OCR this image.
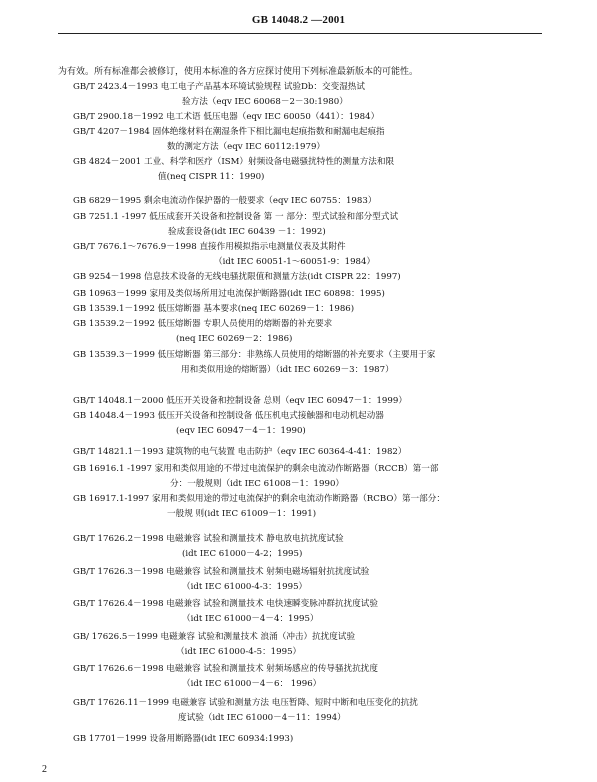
GB 14048.2 —2001
为有效。所有标准都会被修订，使用本标准的各方应探讨使用下列标准最新版本的可能性。
GB/T 2423.4－1993 电工电子产品基本环境试验规程 试验Db：交变湿热试
验方法（eqv IEC 60068－2－30:1980）
GB/T 2900.18－1992 电工术语 低压电器（eqv IEC 60050（441）：1984）
GB/T 4207－1984 固体绝缘材料在潮湿条件下相比漏电起痕指数和耐漏电起痕指
数的测定方法（eqv IEC 60112:1979）
GB 4824－2001 工业、科学和医疗（ISM）射频设备电磁骚扰特性的测量方法和限
值(neq CISPR 11：1990)
GB 6829－1995 剩余电流动作保护器的一般要求（eqv IEC 60755：1983）
GB 7251.1 -1997 低压成套开关设备和控制设备 第 一 部分：型式试验和部分型式试
验成套设备(idt IEC 60439 －1：1992)
GB/T 7676.1～7676.9－1998 直接作用模拟指示电测量仪表及其附件
（idt IEC 60051-1～60051-9：1984）
GB 9254－1998 信息技术设备的无线电骚扰限值和测量方法(idt CISPR 22：1997)
GB 10963－1999 家用及类似场所用过电流保护断路器(idt IEC 60898：1995)
GB 13539.1－1992 低压熔断器 基本要求(neq IEC 60269－1：1986)
GB 13539.2－1992 低压熔断器 专职人员使用的熔断器的补充要求
(neq IEC 60269－2：1986)
GB 13539.3－1999 低压熔断器 第三部分：非熟练人员使用的熔断器的补充要求（主要用于家
用和类似用途的熔断器）（idt IEC 60269－3：1987）
GB/T 14048.1－2000 低压开关设备和控制设备 总则（eqv IEC 60947－1：1999）
GB 14048.4－1993 低压开关设备和控制设备 低压机电式接触器和电动机起动器
(eqv IEC 60947－4－1：1990)
GB/T 14821.1－1993 建筑物的电气装置 电击防护（eqv IEC 60364-4-41：1982）
GB 16916.1 -1997 家用和类似用途的不带过电流保护的剩余电流动作断路器（RCCB）第一部
分：一般规则（idt IEC 61008－1：1990）
GB 16917.1-1997 家用和类似用途的带过电流保护的剩余电流动作断路器（RCBO）第一部分：
一般规 则(idt IEC 61009－1：1991)
GB/T 17626.2－1998 电磁兼容 试验和测量技术 静电放电抗扰度试验
(idt IEC 61000－4-2；1995)
GB/T 17626.3－1998 电磁兼容 试验和测量技术 射频电磁场辐射抗扰度试验
（idt IEC 61000-4-3：1995）
GB/T 17626.4－1998 电磁兼容 试验和测量技术 电快速瞬变脉冲群抗扰度试验
（idt IEC 61000－4－4：1995）
GB/ 17626.5－1999 电磁兼容 试验和测量技术 浪涌（冲击）抗扰度试验
（idt IEC 61000-4-5：1995）
GB/T 17626.6－1998 电磁兼容 试验和测量技术 射频场感应的传导骚扰抗扰度
（idt IEC 61000－4－6： 1996）
GB/T 17626.11－1999 电磁兼容 试验和测量方法 电压暂降、短时中断和电压变化的抗扰
度试验（idt IEC 61000－4－11：1994）
GB 17701－1999 设备用断路器(idt IEC 60934:1993)
2
